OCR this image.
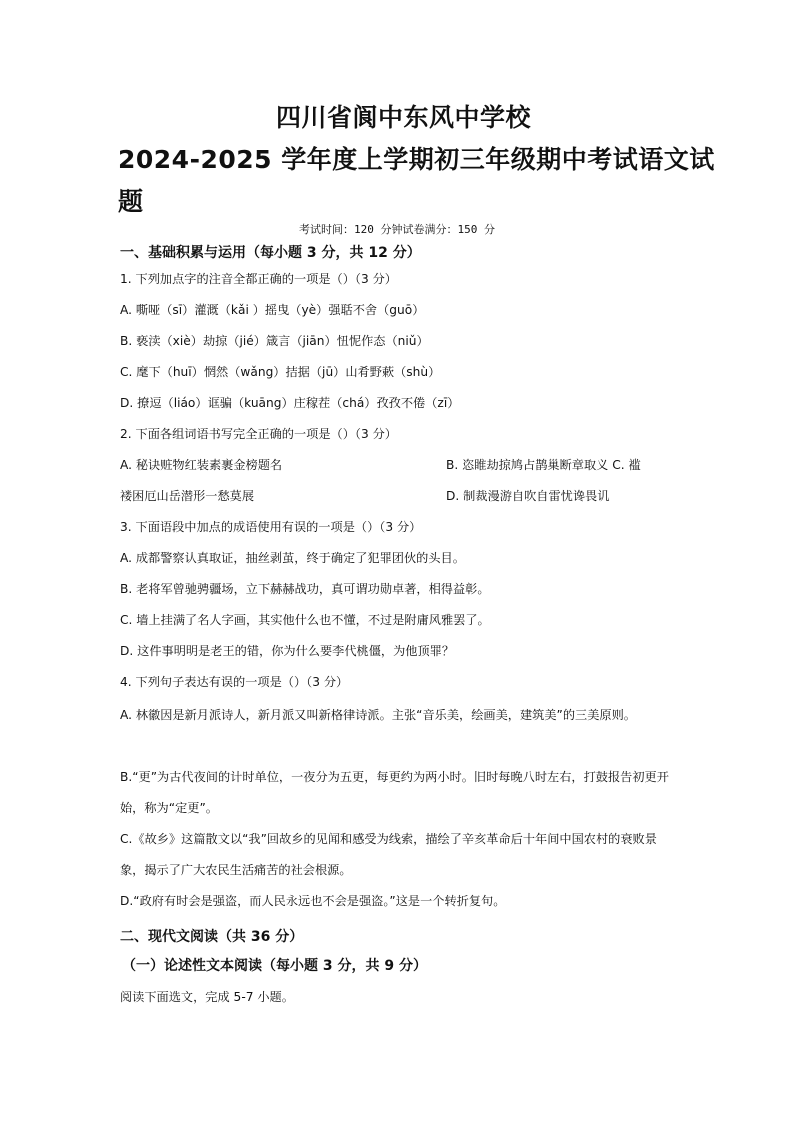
四川省阆中东风中学校
2024-2025 学年度上学期初三年级期中考试语文试
题
考试时间：120 分钟试卷满分：150 分
一、基础积累与运用（每小题 3 分，共 12 分）
1. 下列加点字的注音全都正确的一项是（）（3 分）
A. 嘶哑（sī）灌溉（kǎi ）摇曳（yè）强聒不舍（guō）
B. 亵渎（xiè）劫掠（jié）箴言（jiān）忸怩作态（niǔ）
C. 麾下（huī）惘然（wǎng）拮据（jū）山肴野蔌（shù）
D. 撩逗（liáo）诓骗（kuāng）庄稼茬（chá）孜孜不倦（zī）
2. 下面各组词语书写完全正确的一项是（）（3 分）
A. 秘诀赃物红装素裹金榜题名	B. 恣睢劫掠鸠占鹊巢断章取义 C. 褴
褛困厄山岳潜形一愁莫展	D. 制裁漫游自吹自雷忧谗畏讥
3. 下面语段中加点的成语使用有误的一项是（）（3 分）
A. 成都警察认真取证，抽丝剥茧，终于确定了犯罪团伙的头目。
B. 老将军曾驰骋疆场，立下赫赫战功，真可谓功勋卓著，相得益彰。
C. 墙上挂满了名人字画，其实他什么也不懂，不过是附庸风雅罢了。
D. 这件事明明是老王的错，你为什么要李代桃僵，为他顶罪？
4. 下列句子表达有误的一项是（）（3 分）
A. 林徽因是新月派诗人，新月派又叫新格律诗派。主张“音乐美，绘画美，建筑美”的三美原则。
B.“更”为古代夜间的计时单位，一夜分为五更，每更约为两小时。旧时每晚八时左右，打鼓报告初更开始，称为“定更”。
C.《故乡》这篇散文以“我”回故乡的见闻和感受为线索，描绘了辛亥革命后十年间中国农村的衰败景象，揭示了广大农民生活痛苦的社会根源。
D.“政府有时会是强盗，而人民永远也不会是强盗。”这是一个转折复句。
二、现代文阅读（共 36 分）
（一）论述性文本阅读（每小题 3 分，共 9 分）
阅读下面选文，完成 5-7 小题。
